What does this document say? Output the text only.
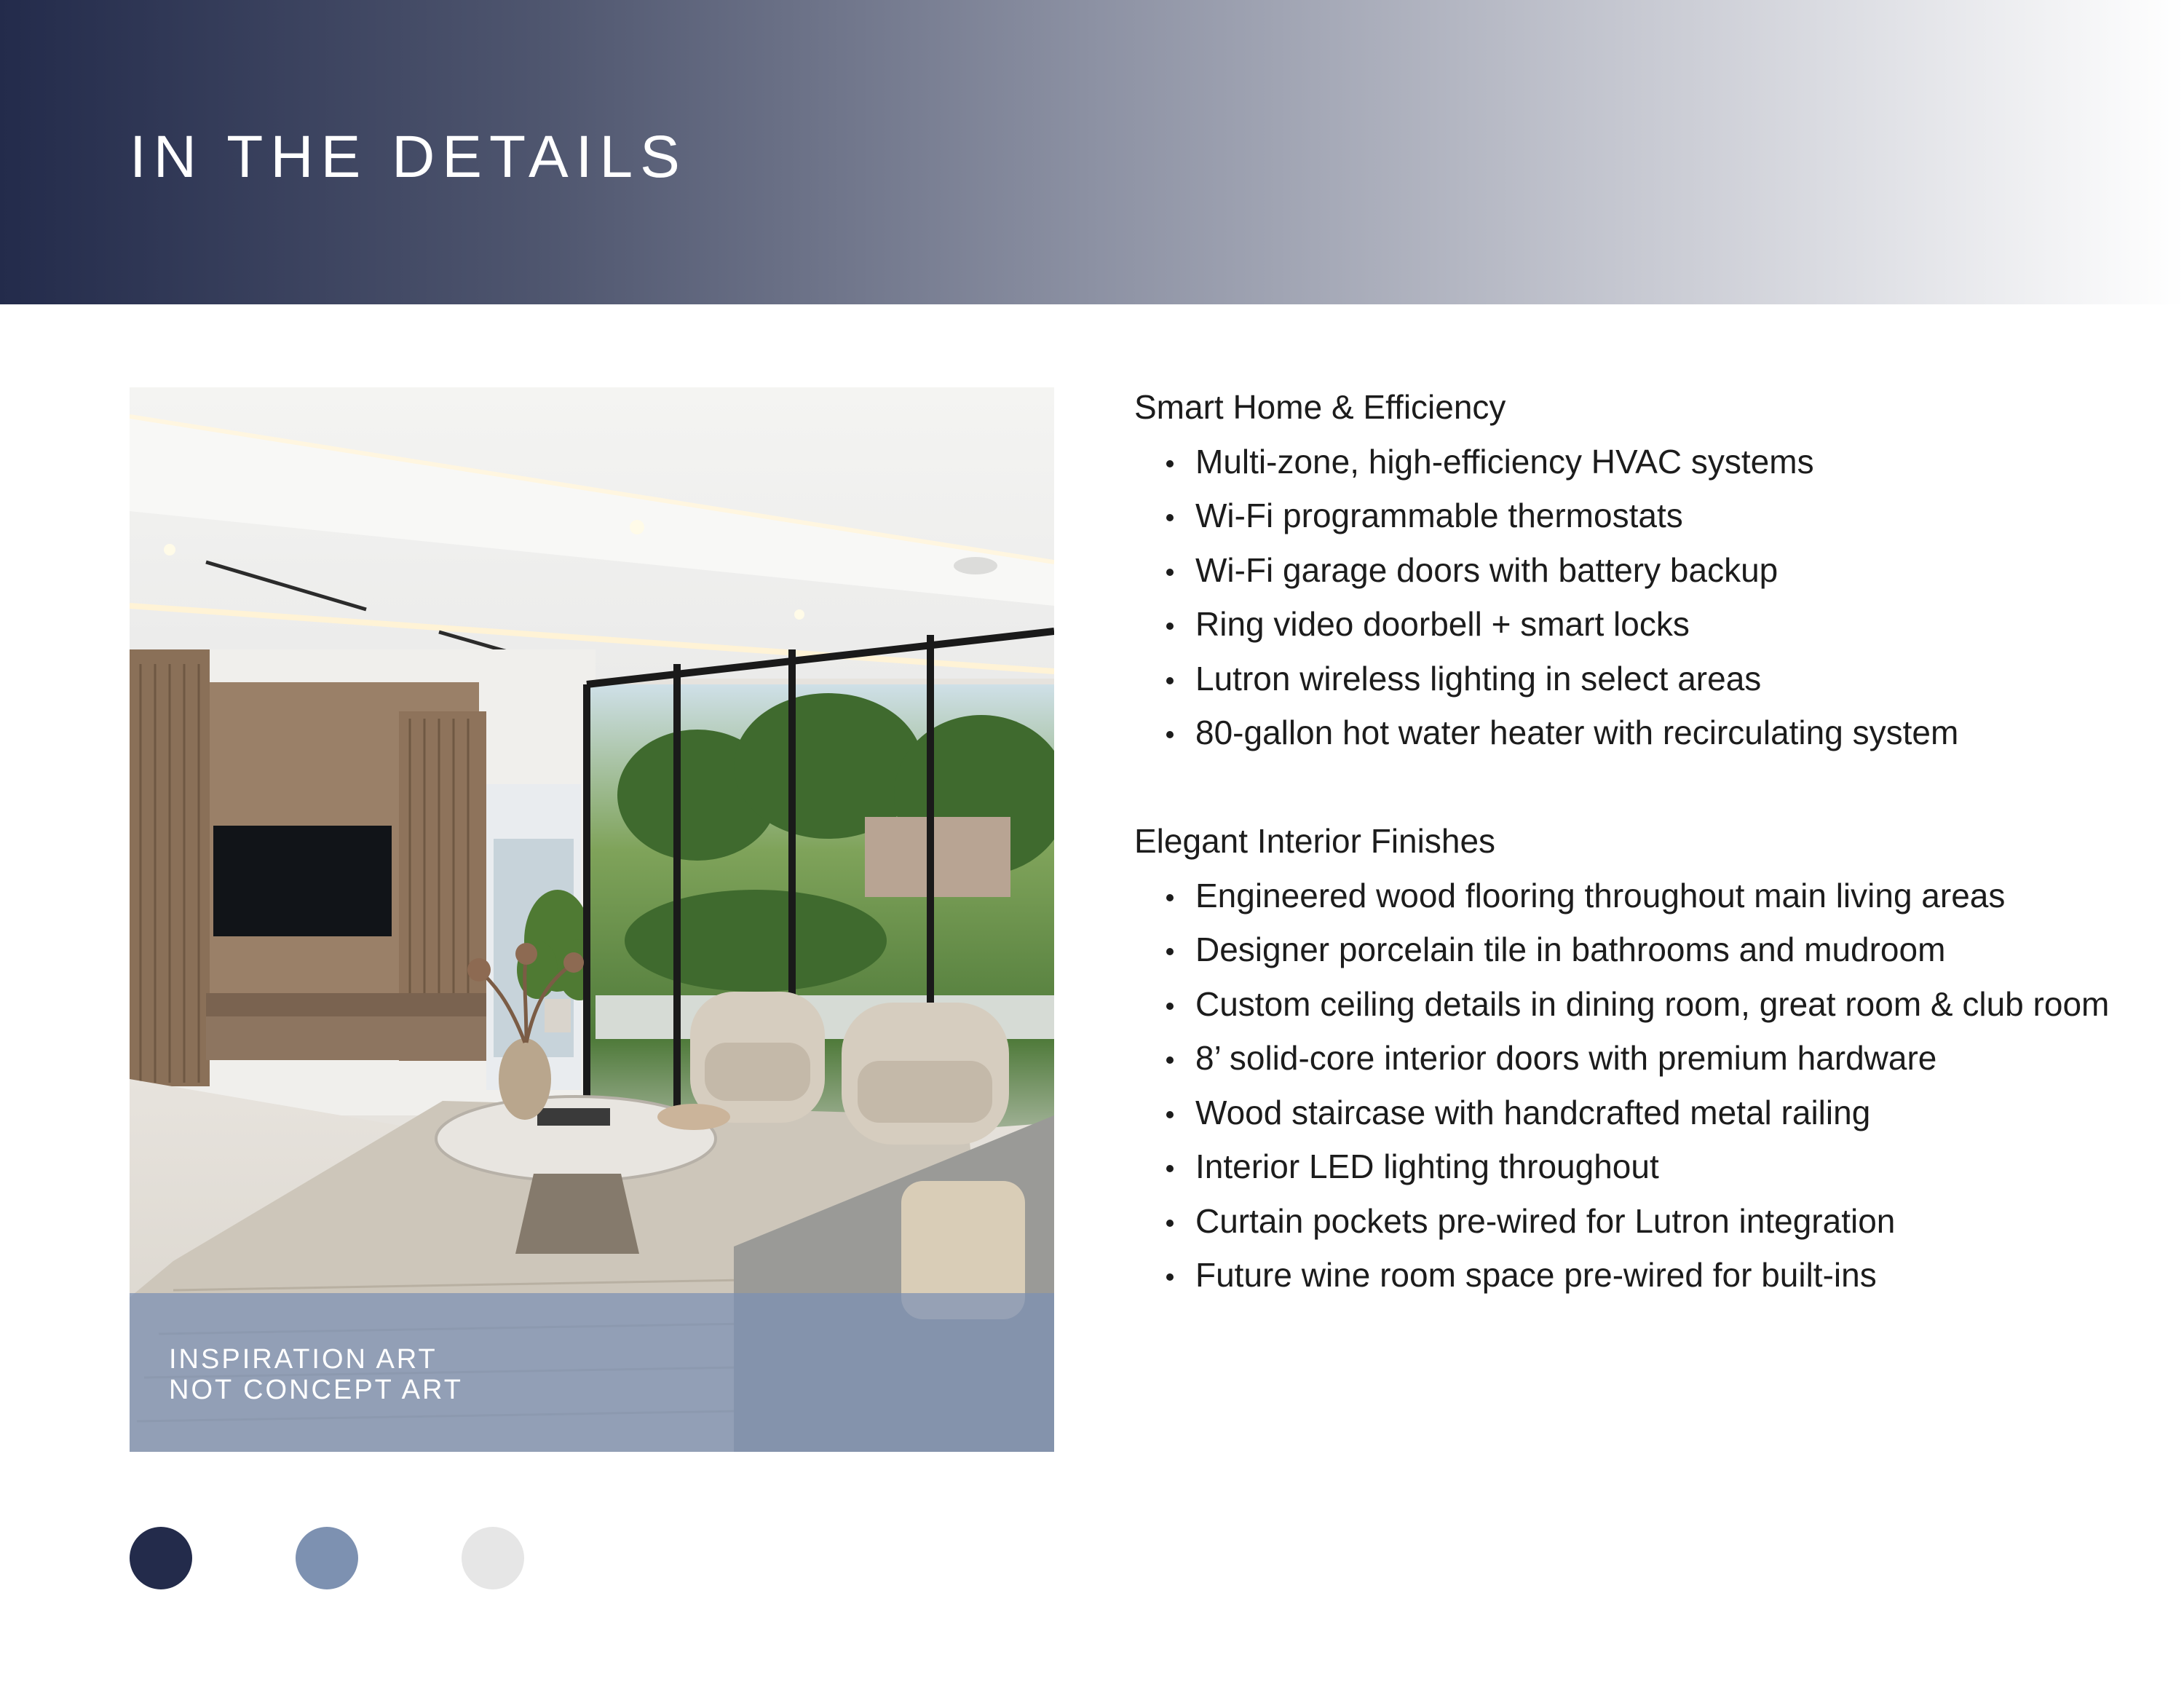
IN THE DETAILS
INSPIRATION ART
NOT CONCEPT ART

Smart Home & Efficiency

Multi-zone, high-efficiency HVAC systems
Wi-Fi programmable thermostats
Wi-Fi garage doors with battery backup
Ring video doorbell + smart locks
Lutron wireless lighting in select areas
80-gallon hot water heater with recirculating system

Elegant Interior Finishes

Engineered wood flooring throughout main living areas
Designer porcelain tile in bathrooms and mudroom
Custom ceiling details in dining room, great room & club room
8’ solid-core interior doors with premium hardware
Wood staircase with handcrafted metal railing
Interior LED lighting throughout
Curtain pockets pre-wired for Lutron integration
Future wine room space pre-wired for built-ins
